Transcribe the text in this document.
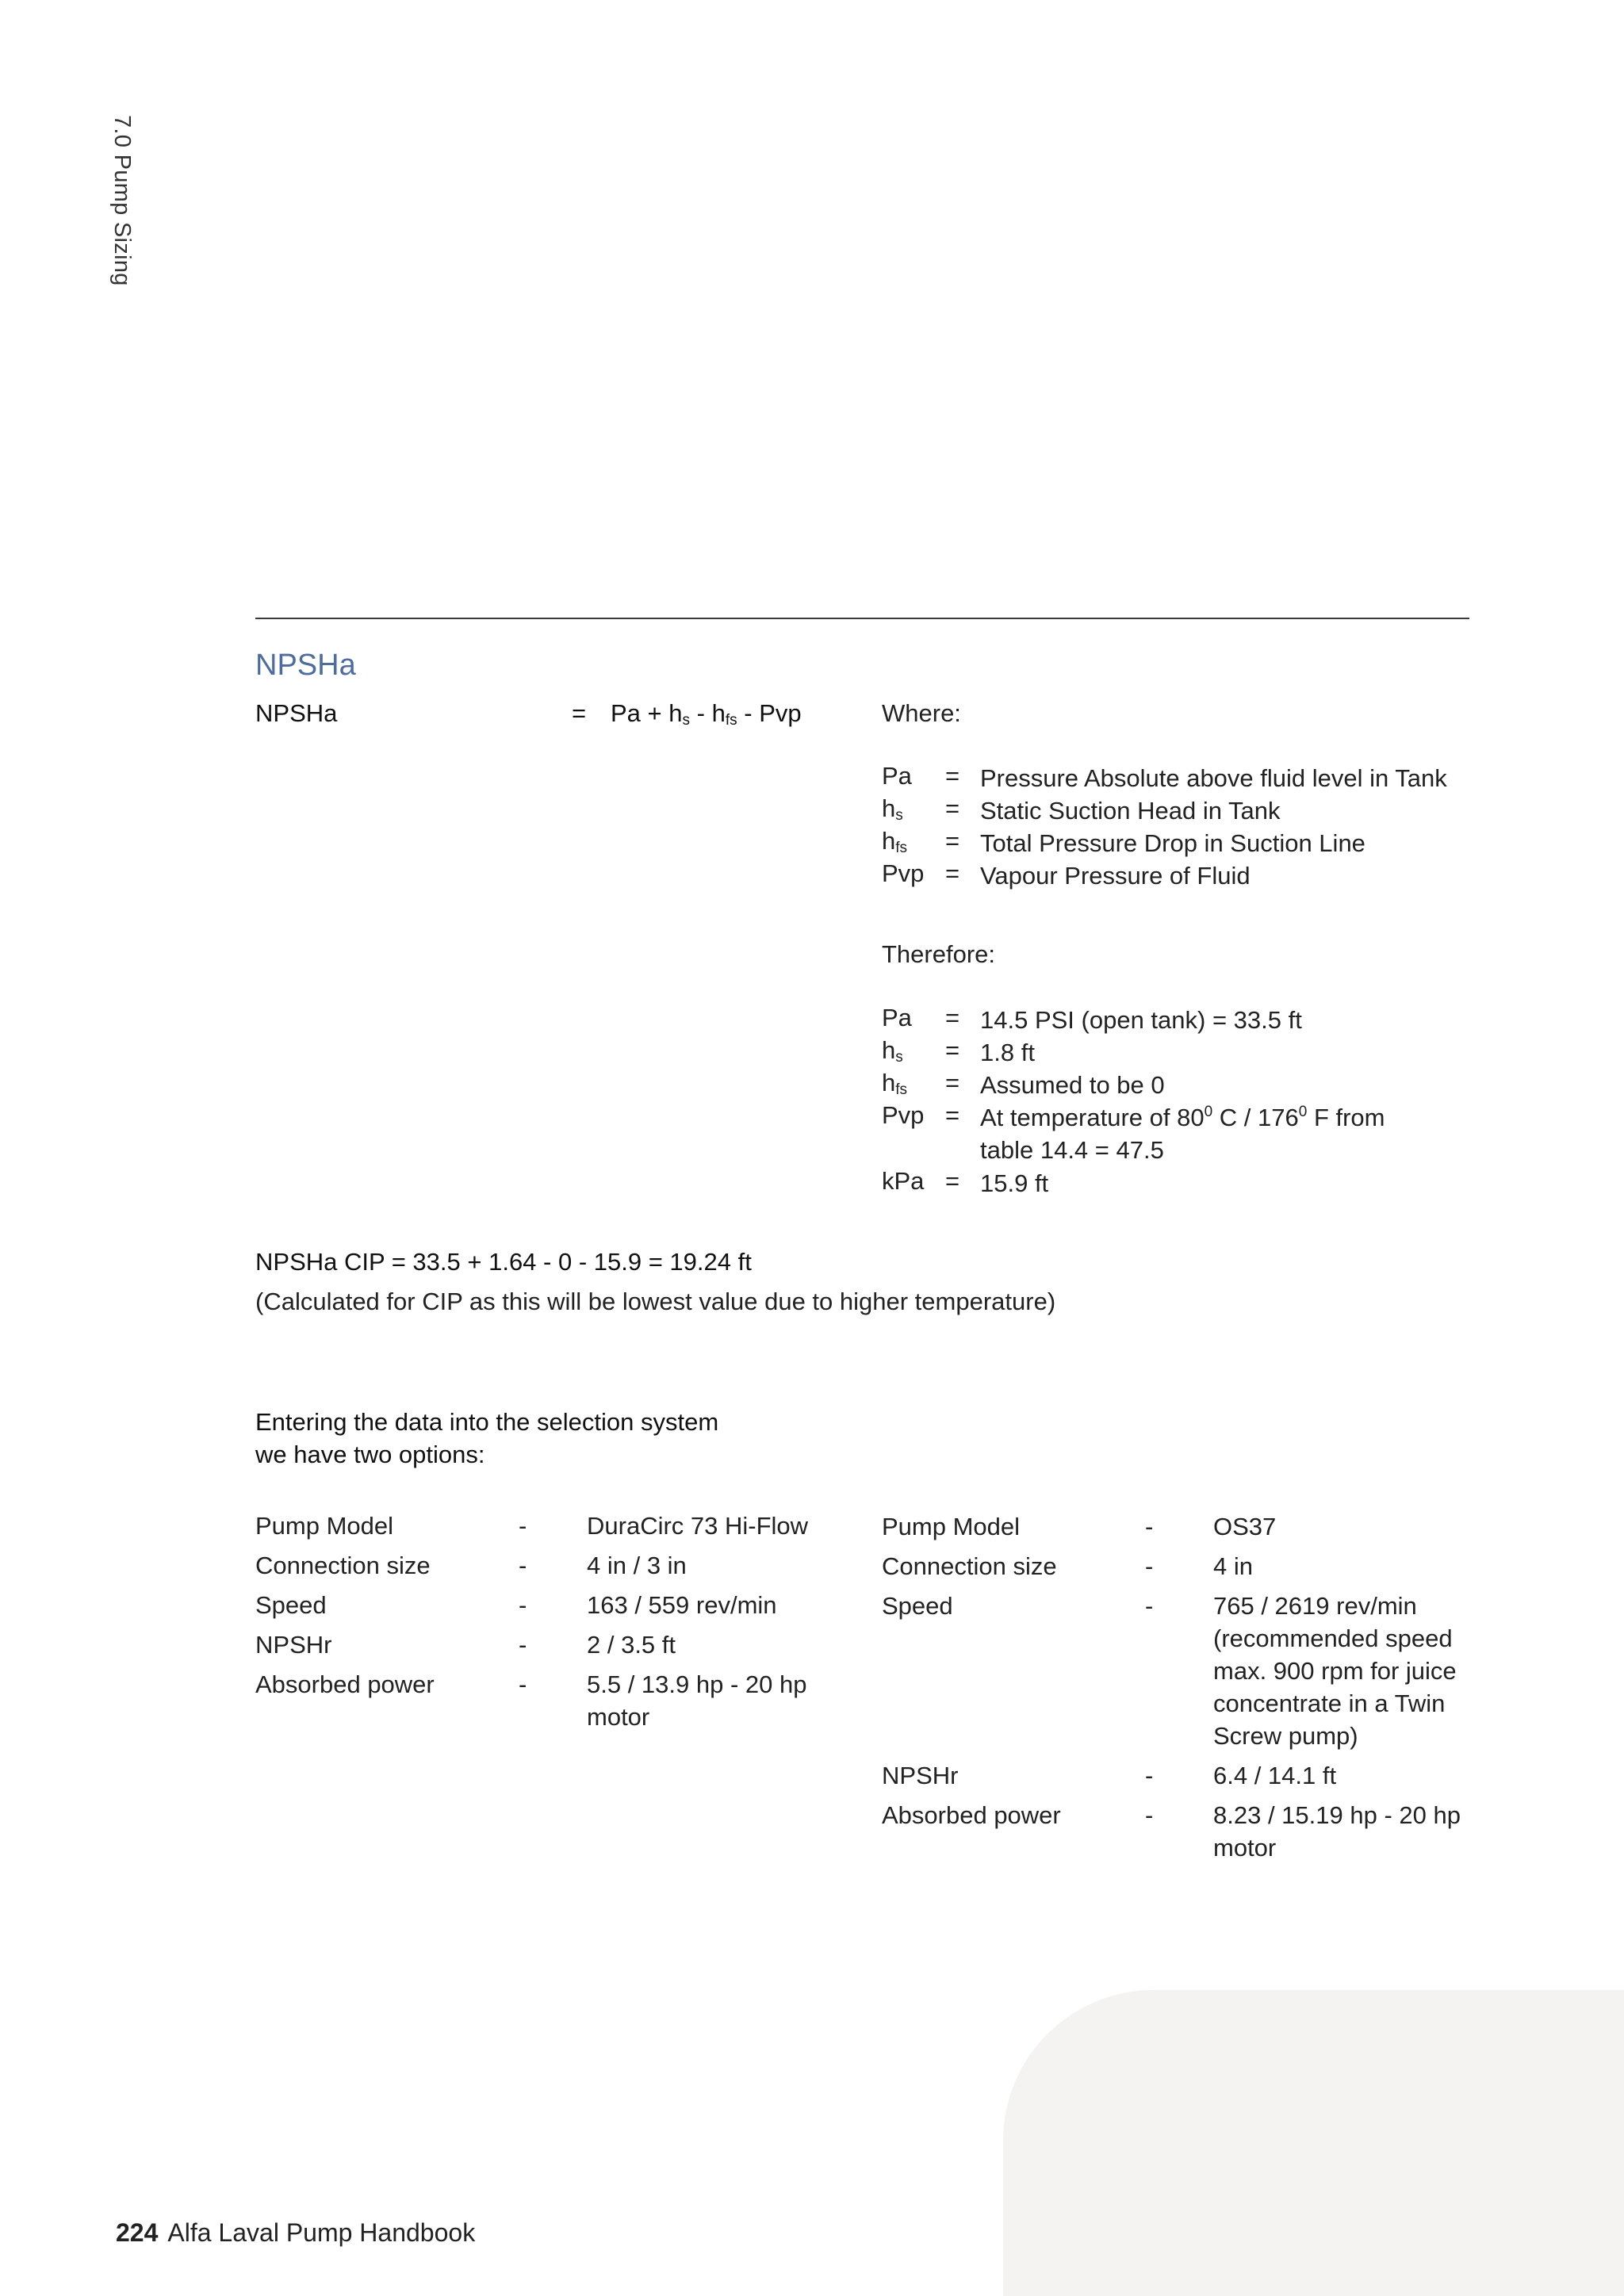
7.0 Pump Sizing
NPSHa
NPSHa	= $Pa + h_s - h_{fs}$ - Pvp	Where:
Pa = Pressure Absolute above fluid level in Tank
$h_s$ = Static Suction Head in Tank
$h_{fs}$ = Total Pressure Drop in Suction Line
Pvp = Vapour Pressure of Fluid
Therefore:
Pa = 14.5 PSI (open tank) = 33.5 ft
$h_s = 1.8$ ft
$h_{fs}$ = Assumed to be 0
Pvp = At temperature of $80^0$ C / $176^0$ F from
table 14.4 = 47.5
kPa = 15.9 ft
NPSHa CIP = 33.5 + 1.64 - 0 - 15.9 = 19.24 ft
(Calculated for CIP as this will be lowest value due to higher temperature)
Entering the data into the selection system
we have two options:
Pump Model	- DuraCirc 73 Hi-Flow
Connection size	- 4 in / 3 in
Speed	- 163 / 559 rev/min
NPSHr	- 2 / 3.5 ft
Absorbed power	- 5.5 / 13.9 hp - 20 hp
motor
Pump Model	- OS37
Connection size	- 4 in
Speed	- 765 / 2619 rev/min
(recommended speed
max. 900 rpm for juice
concentrate in a Twin
Screw pump)
NPSHr	- 6.4 / 14.1 ft
Absorbed power	- 8.23 / 15.19 hp - 20 hp
motor
224 Alfa Laval Pump Handbook
